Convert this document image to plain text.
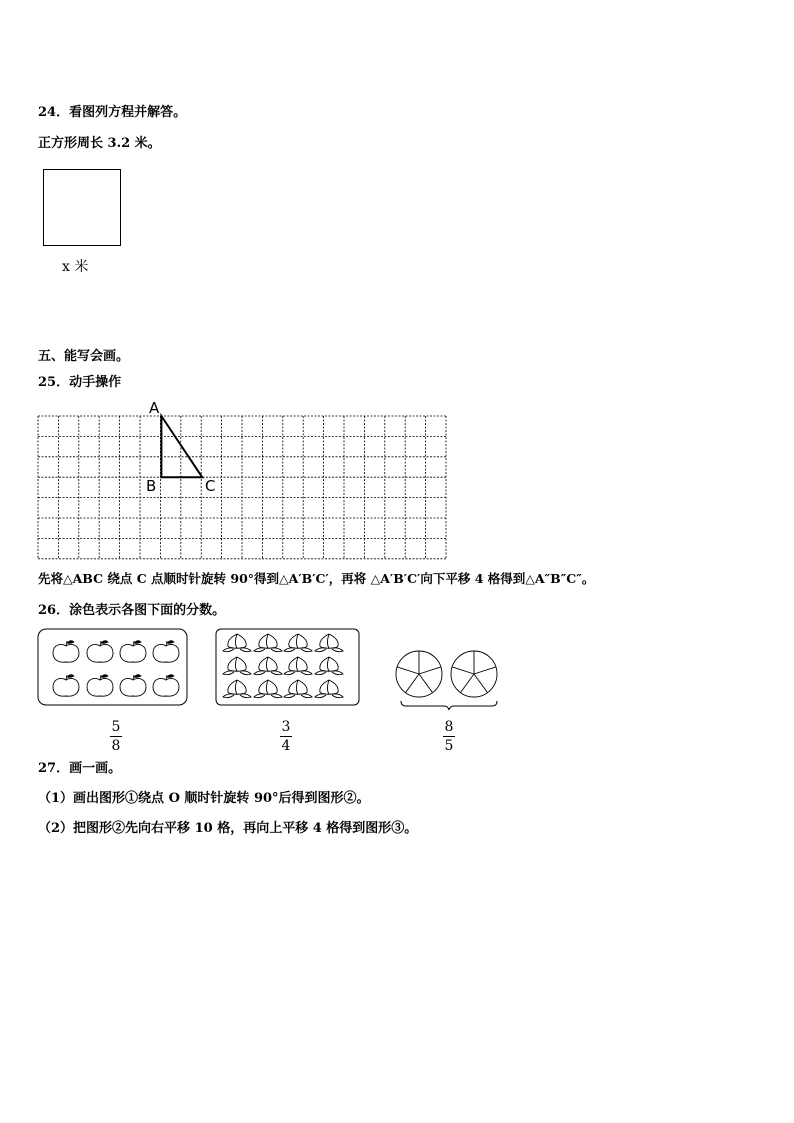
24．看图列方程并解答。
正方形周长 3.2 米。
x 米
五、能写会画。
25．动手操作
A
B	C
先将△ABC 绕点 C 点顺时针旋转 90°得到△A′B′C′，再将 △A′B′C′向下平移 4 格得到△A″B″C″。
26．涂色表示各图下面的分数。
5
8
3
4
8
5
27．画一画。
（1）画出图形①绕点 O 顺时针旋转 90°后得到图形②。
（2）把图形②先向右平移 10 格，再向上平移 4 格得到图形③。
